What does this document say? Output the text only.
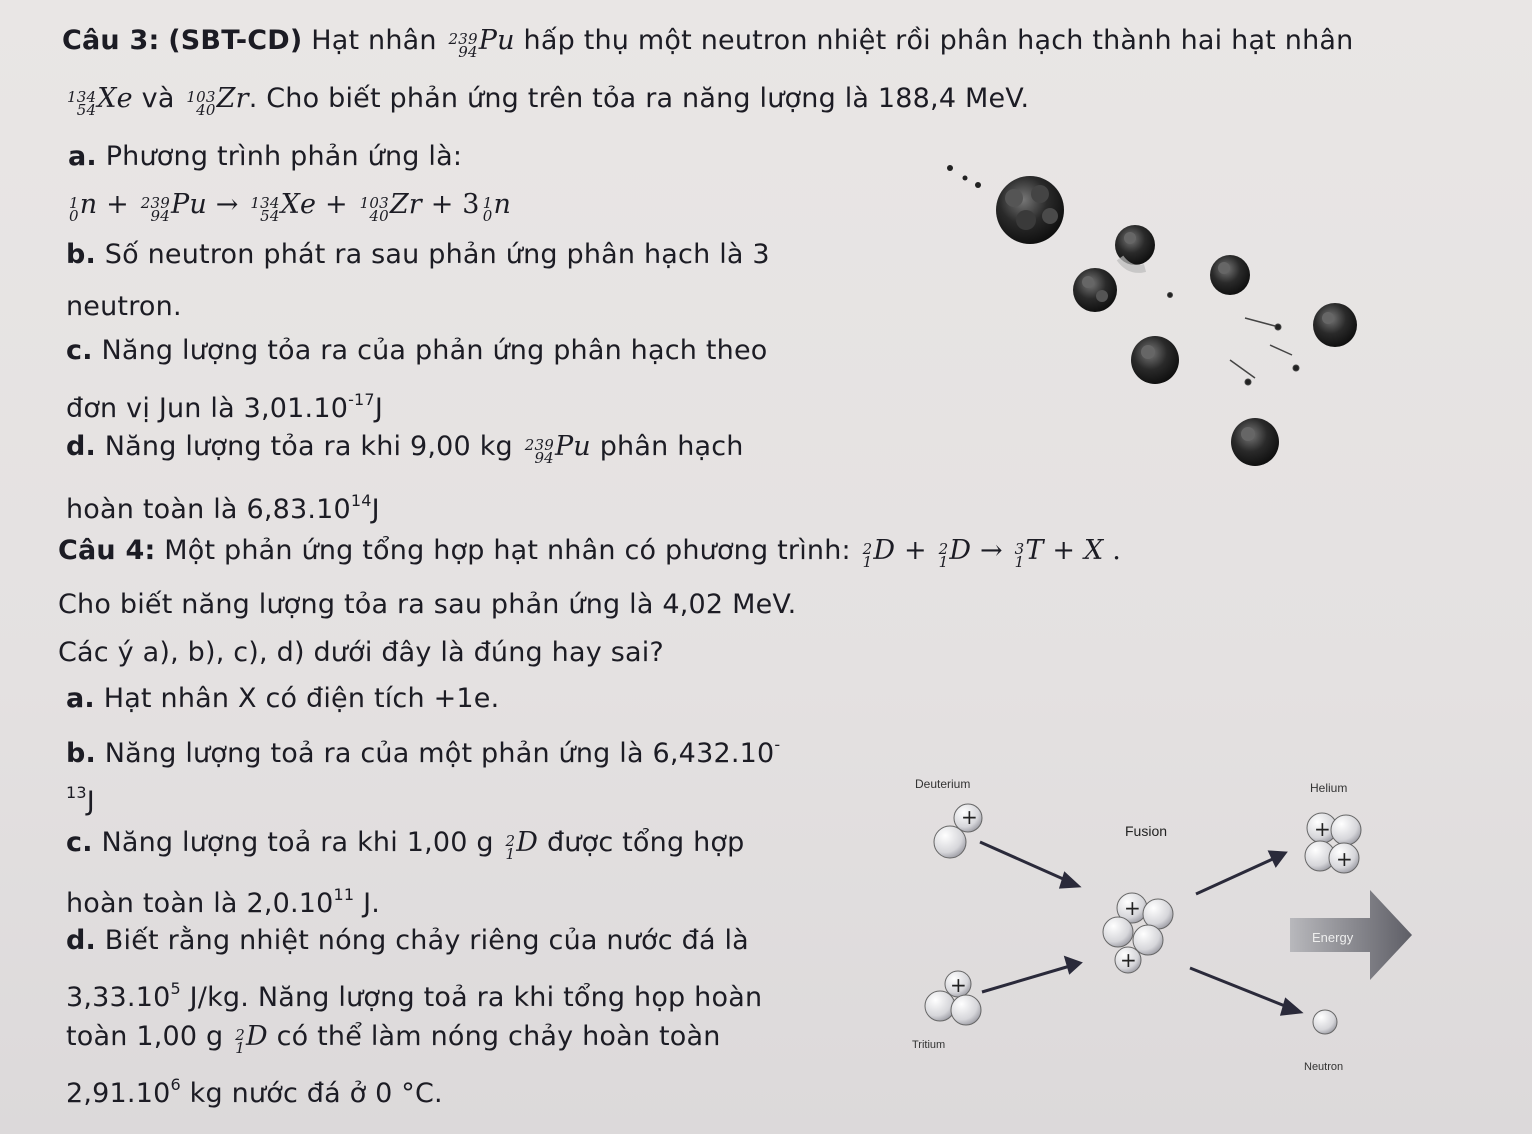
Câu 3: (SBT-CD) Hạt nhân 239
94 Pu hấp thụ một neutron nhiệt rồi phân hạch thành hai hạt nhân
134
54 Xe và 103
40 Zr. Cho biết phản ứng trên tỏa ra năng lượng là 188,4 MeV.
a. Phương trình phản ứng là:
1
0 n + 239
94 Pu → 134
54 Xe + 103
40 Zr + 3 1
0 n
b. Số neutron phát ra sau phản ứng phân hạch là 3
neutron.
c. Năng lượng tỏa ra của phản ứng phân hạch theo
đơn vị Jun là $3,01.10^{-17}J$
d. Năng lượng tỏa ra khi 9,00 kg 239
94 Pu phân hạch
hoàn toàn là 6,83.10$^{14}$J
Câu 4: Một phản ứng tổng hợp hạt nhân có phương trình: 2
1 D + 2
1 D → 3
1 T + X .
Cho biết năng lượng tỏa ra sau phản ứng là 4,02 MeV.
Các ý a), b), c), d) dưới đây là đúng hay sai?
a. Hạt nhân X có điện tích +1e.
b. Năng lượng toả ra của một phản ứng là 6,432.10-
$^{13}$J
c. Năng lượng toả ra khi 1,00 g 2
1 D được tổng hợp
hoàn toàn là 2,0.10$^{11}$ J.
d. Biết rằng nhiệt nóng chảy riêng của nước đá là
3,33.10$^5$ J/kg. Năng lượng toả ra khi tổng họp hoàn
toàn 1,00 g 2
1 D có thể làm nóng chảy hoàn toàn
2,91.10$^6$ kg nước đá ở 0 °C.
Deuterium	Helium
Fusion
Tritium
Neutron
+
+
+
+
+
+
Energy
